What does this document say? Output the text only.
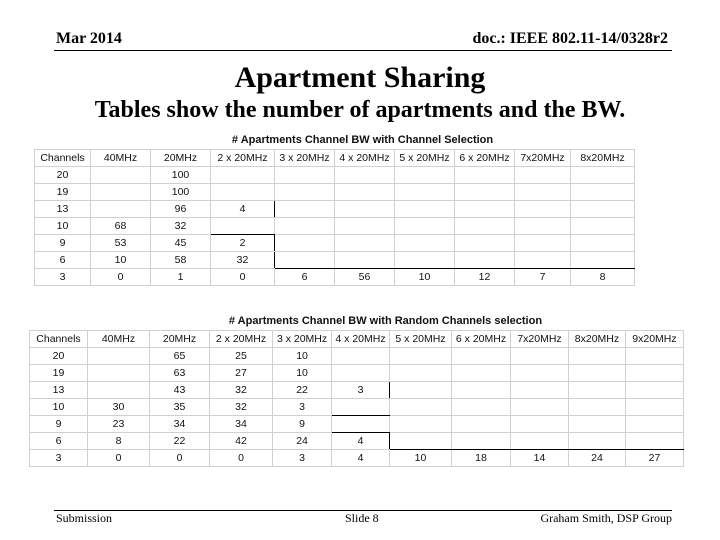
Mar 2014	doc.: IEEE 802.11-14/0328r2
Apartment Sharing
Tables show the number of apartments and the BW.
	# Apartments Channel BW with Channel Selection								
Channels	40MHz	20MHz	2 x 20MHz	3 x 20MHz	4 x 20MHz	5 x 20MHz	6 x 20MHz	7x20MHz	8x20MHz
20		100							
19		100							
13		96	4						
10	68	32							
9	53	45	2						
6	10	58	32						
3	0	1	0	6	56	10	12	7	8
	# Apartments Channel BW with Random Channels selection									
Channels	40MHz	20MHz	2 x 20MHz	3 x 20MHz	4 x 20MHz	5 x 20MHz	6 x 20MHz	7x20MHz	8x20MHz	9x20MHz
20		65	25	10						
19		63	27	10						
13		43	32	22	3					
10	30	35	32	3						
9	23	34	34	9						
6	8	22	42	24	4					
3	0	0	0	3	4	10	18	14	24	27
Submission	Slide 8	Graham Smith, DSP Group
